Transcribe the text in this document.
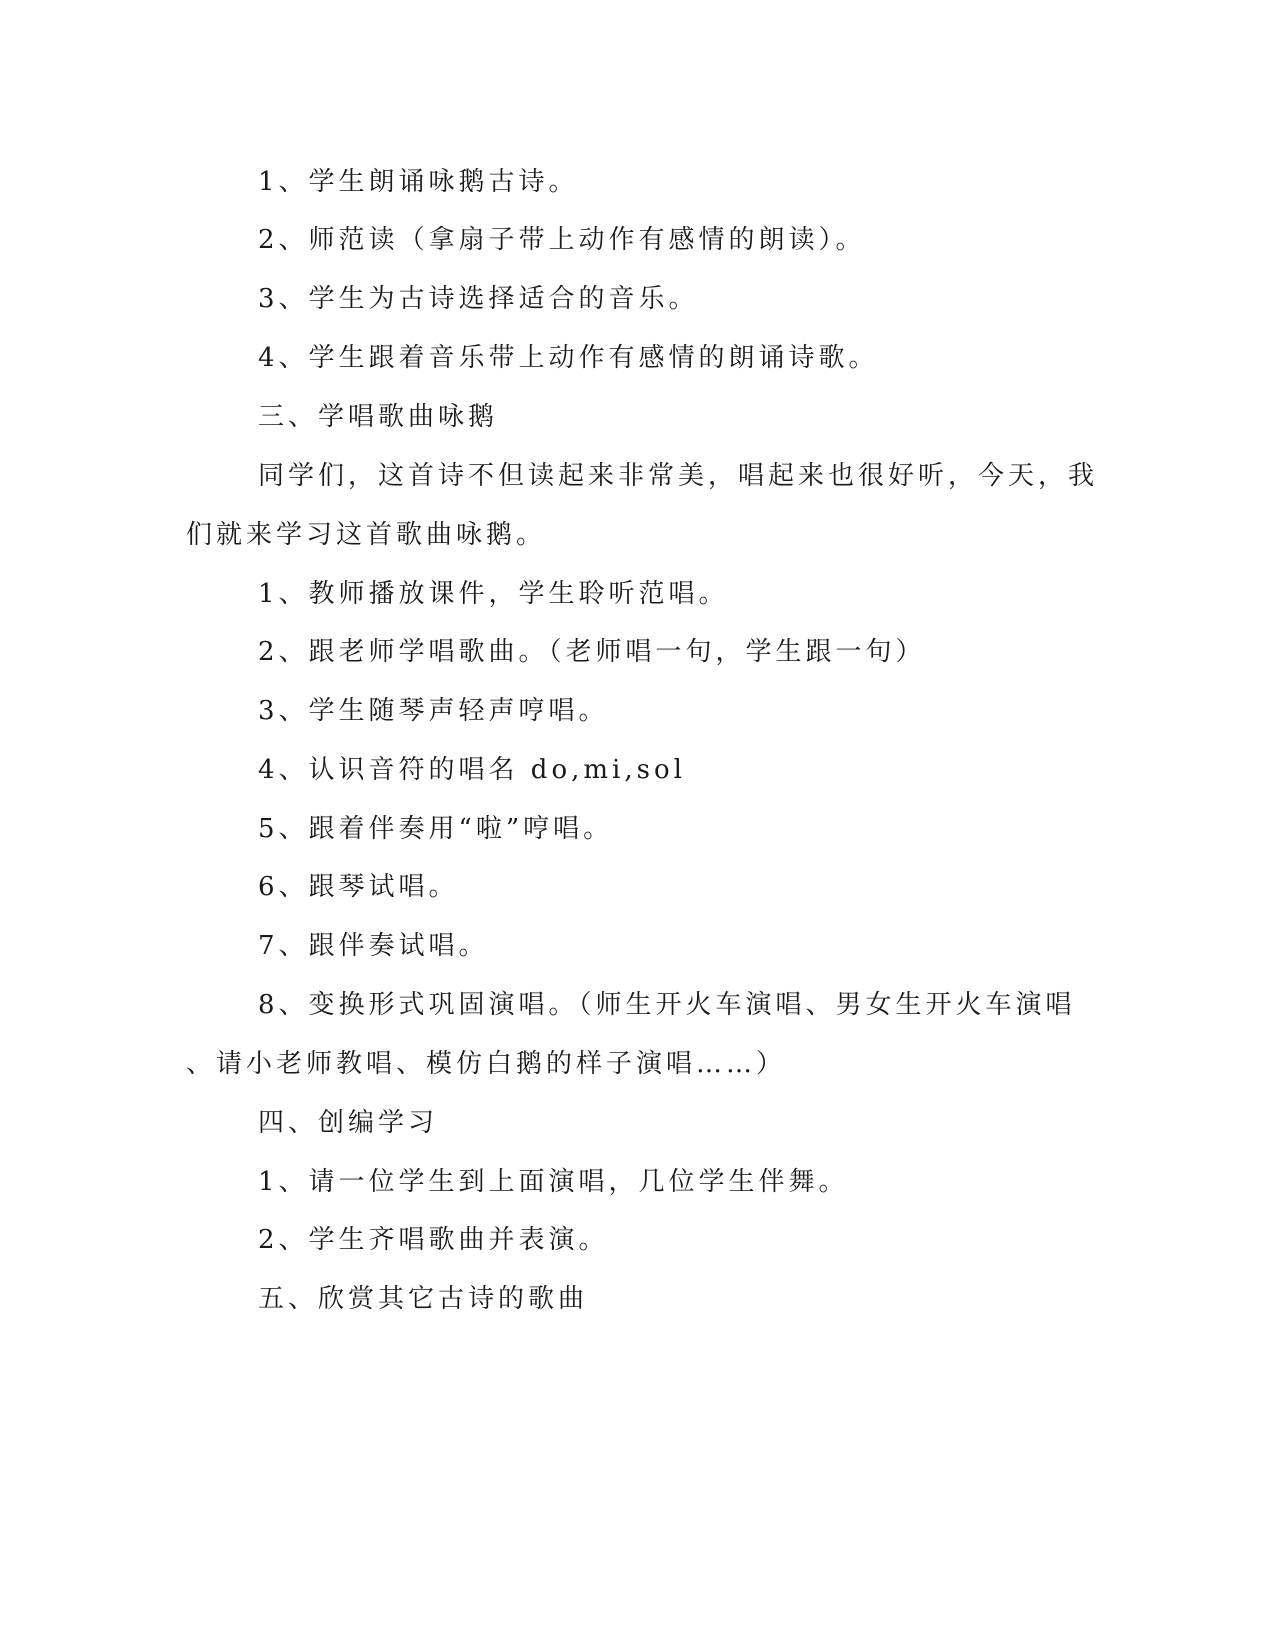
1、学生朗诵咏鹅古诗。
2、师范读（拿扇子带上动作有感情的朗读）。
3、学生为古诗选择适合的音乐。
4、学生跟着音乐带上动作有感情的朗诵诗歌。
三、学唱歌曲咏鹅
同学们，这首诗不但读起来非常美，唱起来也很好听，今天，我
们就来学习这首歌曲咏鹅。
1、教师播放课件，学生聆听范唱。
2、跟老师学唱歌曲。（老师唱一句，学生跟一句）
3、学生随琴声轻声哼唱。
4、认识音符的唱名 do,mi,sol
5、跟着伴奏用“啦”哼唱。
6、跟琴试唱。
7、跟伴奏试唱。
8、变换形式巩固演唱。（师生开火车演唱、男女生开火车演唱
、请小老师教唱、模仿白鹅的样子演唱……）
四、创编学习
1、请一位学生到上面演唱，几位学生伴舞。
2、学生齐唱歌曲并表演。
五、欣赏其它古诗的歌曲
